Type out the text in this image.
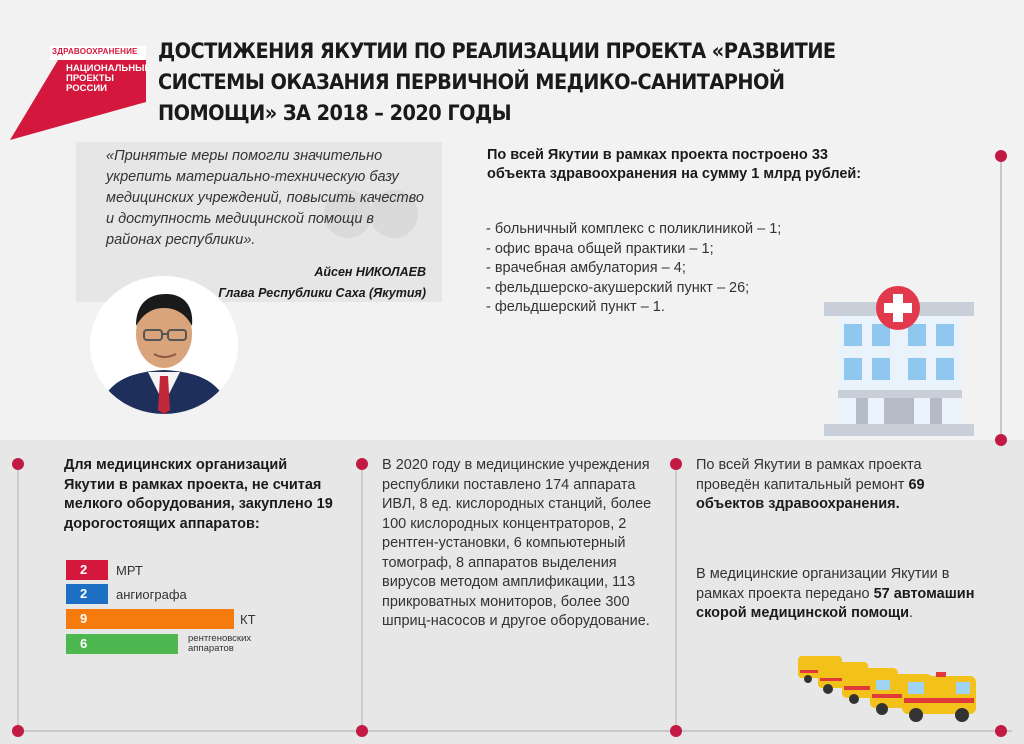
ЗДРАВООХРАНЕНИЕ
НАЦИОНАЛЬНЫЕ ПРОЕКТЫ РОССИИ
ДОСТИЖЕНИЯ ЯКУТИИ ПО РЕАЛИЗАЦИИ ПРОЕКТА «РАЗВИТИЕ СИСТЕМЫ ОКАЗАНИЯ ПЕРВИЧНОЙ МЕДИКО-САНИТАРНОЙ ПОМОЩИ» ЗА 2018 – 2020 ГОДЫ
«Принятые меры помогли значительно укрепить материально-техническую базу медицинских учреждений, повысить качество и доступность медицинской помощи в районах республики».
Айсен НИКОЛАЕВ
Глава Республики Саха (Якутия)
По всей Якутии в рамках проекта построено 33 объекта здравоохранения на сумму 1 млрд рублей:
- больничный комплекс с поликлиникой – 1;
- офис врача общей практики – 1;
- врачебная амбулатория – 4;
- фельдшерско-акушерский пункт – 26;
- фельдшерский пункт – 1.
Для медицинских организаций Якутии в рамках проекта, не считая мелкого оборудования, закуплено 19 дорогостоящих аппаратов:
2	МРТ
2	ангиографа
9	КТ
6	рентгеновских аппаратов
В 2020 году в медицинские учреждения республики поставлено 174 аппарата ИВЛ, 8 ед. кислородных станций, более 100 кислородных концентраторов, 2 рентген-установки, 6 компьютерный томограф, 8 аппаратов выделения вирусов методом амплификации, 113 прикроватных мониторов, более 300 шприц-насосов и другое оборудование.
По всей Якутии в рамках проекта проведён капитальный ремонт 69 объектов здравоохранения.
В медицинские организации Якутии в рамках проекта передано 57 автомашин скорой медицинской помощи.
